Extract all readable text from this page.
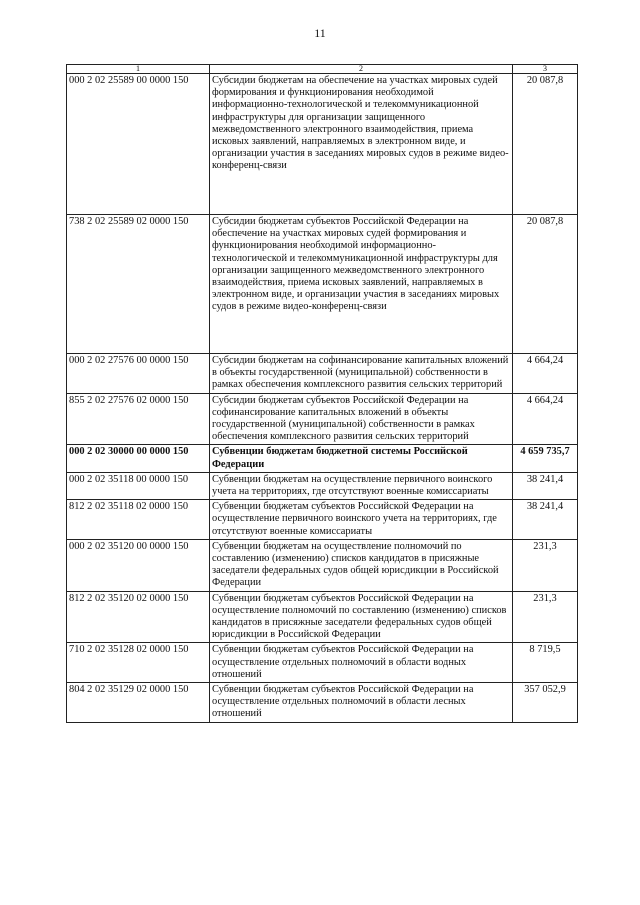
11
1	2	3
000 2 02 25589 00 0000 150	Субсидии бюджетам на обеспечение на участках мировых судей формирования и функционирования необходимой информационно-технологической и телекоммуникационной инфраструктуры для организации защищенного межведомственного электронного взаимодействия, приема исковых заявлений, направляемых в электронном виде, и организации участия в заседаниях мировых судов в режиме видео-конференц-связи	20 087,8
738 2 02 25589 02 0000 150	Субсидии бюджетам субъектов Российской Федерации на обеспечение на участках мировых судей формирования и функционирования необходимой информационно-технологической и телекоммуникационной инфраструктуры для организации защищенного межведомственного электронного взаимодействия, приема исковых заявлений, направляемых в электронном виде, и организации участия в заседаниях мировых судов в режиме видео-конференц-связи	20 087,8
000 2 02 27576 00 0000 150	Субсидии бюджетам на софинансирование капитальных вложений в объекты государственной (муниципальной) собственности в рамках обеспечения комплексного развития сельских территорий	4 664,24
855 2 02 27576 02 0000 150	Субсидии бюджетам субъектов Российской Федерации на софинансирование капитальных вложений в объекты государственной (муниципальной) собственности в рамках обеспечения комплексного развития сельских территорий	4 664,24
000 2 02 30000 00 0000 150	Субвенции бюджетам бюджетной системы Российской Федерации	4 659 735,7
000 2 02 35118 00 0000 150	Субвенции бюджетам на осуществление первичного воинского учета на территориях, где отсутствуют военные комиссариаты	38 241,4
812 2 02 35118 02 0000 150	Субвенции бюджетам субъектов Российской Федерации на осуществление первичного воинского учета на территориях, где отсутствуют военные комиссариаты	38 241,4
000 2 02 35120 00 0000 150	Субвенции бюджетам на осуществление полномочий по составлению (изменению) списков кандидатов в присяжные заседатели федеральных судов общей юрисдикции в Российской Федерации	231,3
812 2 02 35120 02 0000 150	Субвенции бюджетам субъектов Российской Федерации на осуществление полномочий по составлению (изменению) списков кандидатов в присяжные заседатели федеральных судов общей юрисдикции в Российской Федерации	231,3
710 2 02 35128 02 0000 150	Субвенции бюджетам субъектов Российской Федерации на осуществление отдельных полномочий в области водных отношений	8 719,5
804 2 02 35129 02 0000 150	Субвенции бюджетам субъектов Российской Федерации на осуществление отдельных полномочий в области лесных отношений	357 052,9
